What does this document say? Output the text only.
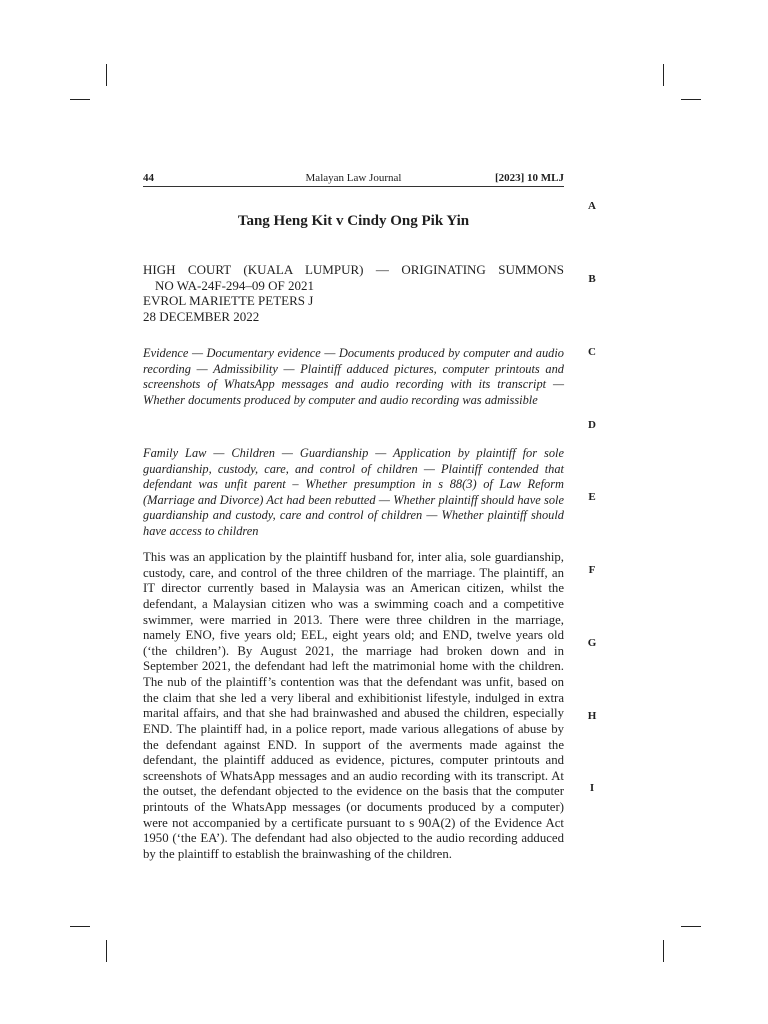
44	Malayan Law Journal	[2023] 10 MLJ
A
B
C
D
E
F
G
H
I
Tang Heng Kit v Cindy Ong Pik Yin
HIGH COURT (KUALA LUMPUR) — ORIGINATING SUMMONS
NO WA-24F-294–09 OF 2021
EVROL MARIETTE PETERS J
28 DECEMBER 2022
Evidence — Documentary evidence — Documents produced by computer and audio recording — Admissibility — Plaintiff adduced pictures, computer printouts and screenshots of WhatsApp messages and audio recording with its transcript — Whether documents produced by computer and audio recording was admissible
Family Law — Children — Guardianship — Application by plaintiff for sole guardianship, custody, care, and control of children — Plaintiff contended that defendant was unfit parent – Whether presumption in s 88(3) of Law Reform (Marriage and Divorce) Act had been rebutted — Whether plaintiff should have sole guardianship and custody, care and control of children — Whether plaintiff should have access to children
This was an application by the plaintiff husband for, inter alia, sole guardianship, custody, care, and control of the three children of the marriage. The plaintiff, an IT director currently based in Malaysia was an American citizen, whilst the defendant, a Malaysian citizen who was a swimming coach and a competitive swimmer, were married in 2013. There were three children in the marriage, namely ENO, five years old; EEL, eight years old; and END, twelve years old (‘the children’). By August 2021, the marriage had broken down and in September 2021, the defendant had left the matrimonial home with the children. The nub of the plaintiff’s contention was that the defendant was unfit, based on the claim that she led a very liberal and exhibitionist lifestyle, indulged in extra marital affairs, and that she had brainwashed and abused the children, especially END. The plaintiff had, in a police report, made various allegations of abuse by the defendant against END. In support of the averments made against the defendant, the plaintiff adduced as evidence, pictures, computer printouts and screenshots of WhatsApp messages and an audio recording with its transcript. At the outset, the defendant objected to the evidence on the basis that the computer printouts of the WhatsApp messages (or documents produced by a computer) were not accompanied by a certificate pursuant to s 90A(2) of the Evidence Act 1950 (‘the EA’). The defendant had also objected to the audio recording adduced by the plaintiff to establish the brainwashing of the children.
